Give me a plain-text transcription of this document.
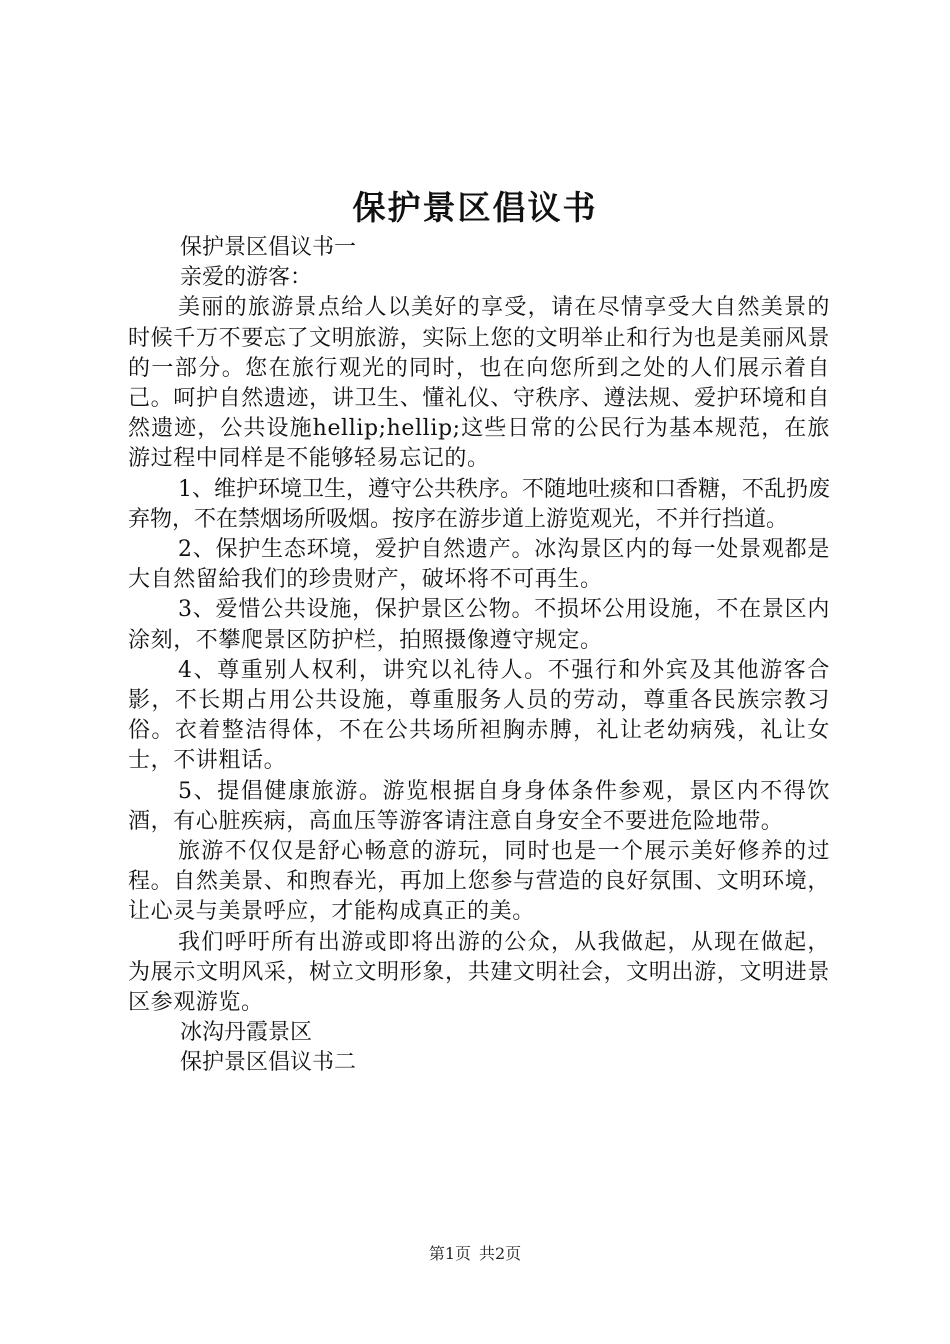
保护景区倡议书

保护景区倡议书一

亲爱的游客：

美丽的旅游景点给人以美好的享受，请在尽情享受大自然美景的时候千万不要忘了文明旅游，实际上您的文明举止和行为也是美丽风景的一部分。您在旅行观光的同时，也在向您所到之处的人们展示着自己。呵护自然遗迹，讲卫生、懂礼仪、守秩序、遵法规、爱护环境和自然遗迹，公共设施hellip;hellip;这些日常的公民行为基本规范，在旅游过程中同样是不能够轻易忘记的。

1、维护环境卫生，遵守公共秩序。不随地吐痰和口香糖，不乱扔废弃物，不在禁烟场所吸烟。按序在游步道上游览观光，不并行挡道。

2、保护生态环境，爱护自然遗产。冰沟景区内的每一处景观都是大自然留給我们的珍贵财产，破坏将不可再生。

3、爱惜公共设施，保护景区公物。不损坏公用设施，不在景区内涂刻，不攀爬景区防护栏，拍照摄像遵守规定。

4、尊重别人权利，讲究以礼待人。不强行和外宾及其他游客合影，不长期占用公共设施，尊重服务人员的劳动，尊重各民族宗教习俗。衣着整洁得体，不在公共场所袒胸赤膊，礼让老幼病残，礼让女士，不讲粗话。

5、提倡健康旅游。游览根据自身身体条件参观，景区内不得饮酒，有心脏疾病，高血压等游客请注意自身安全不要进危险地带。

旅游不仅仅是舒心畅意的游玩，同时也是一个展示美好修养的过程。自然美景、和煦春光，再加上您参与营造的良好氛围、文明环境，让心灵与美景呼应，才能构成真正的美。

我们呼吁所有出游或即将出游的公众，从我做起，从现在做起，为展示文明风采，树立文明形象，共建文明社会，文明出游，文明进景区参观游览。

冰沟丹霞景区

保护景区倡议书二

第1页 共2页
